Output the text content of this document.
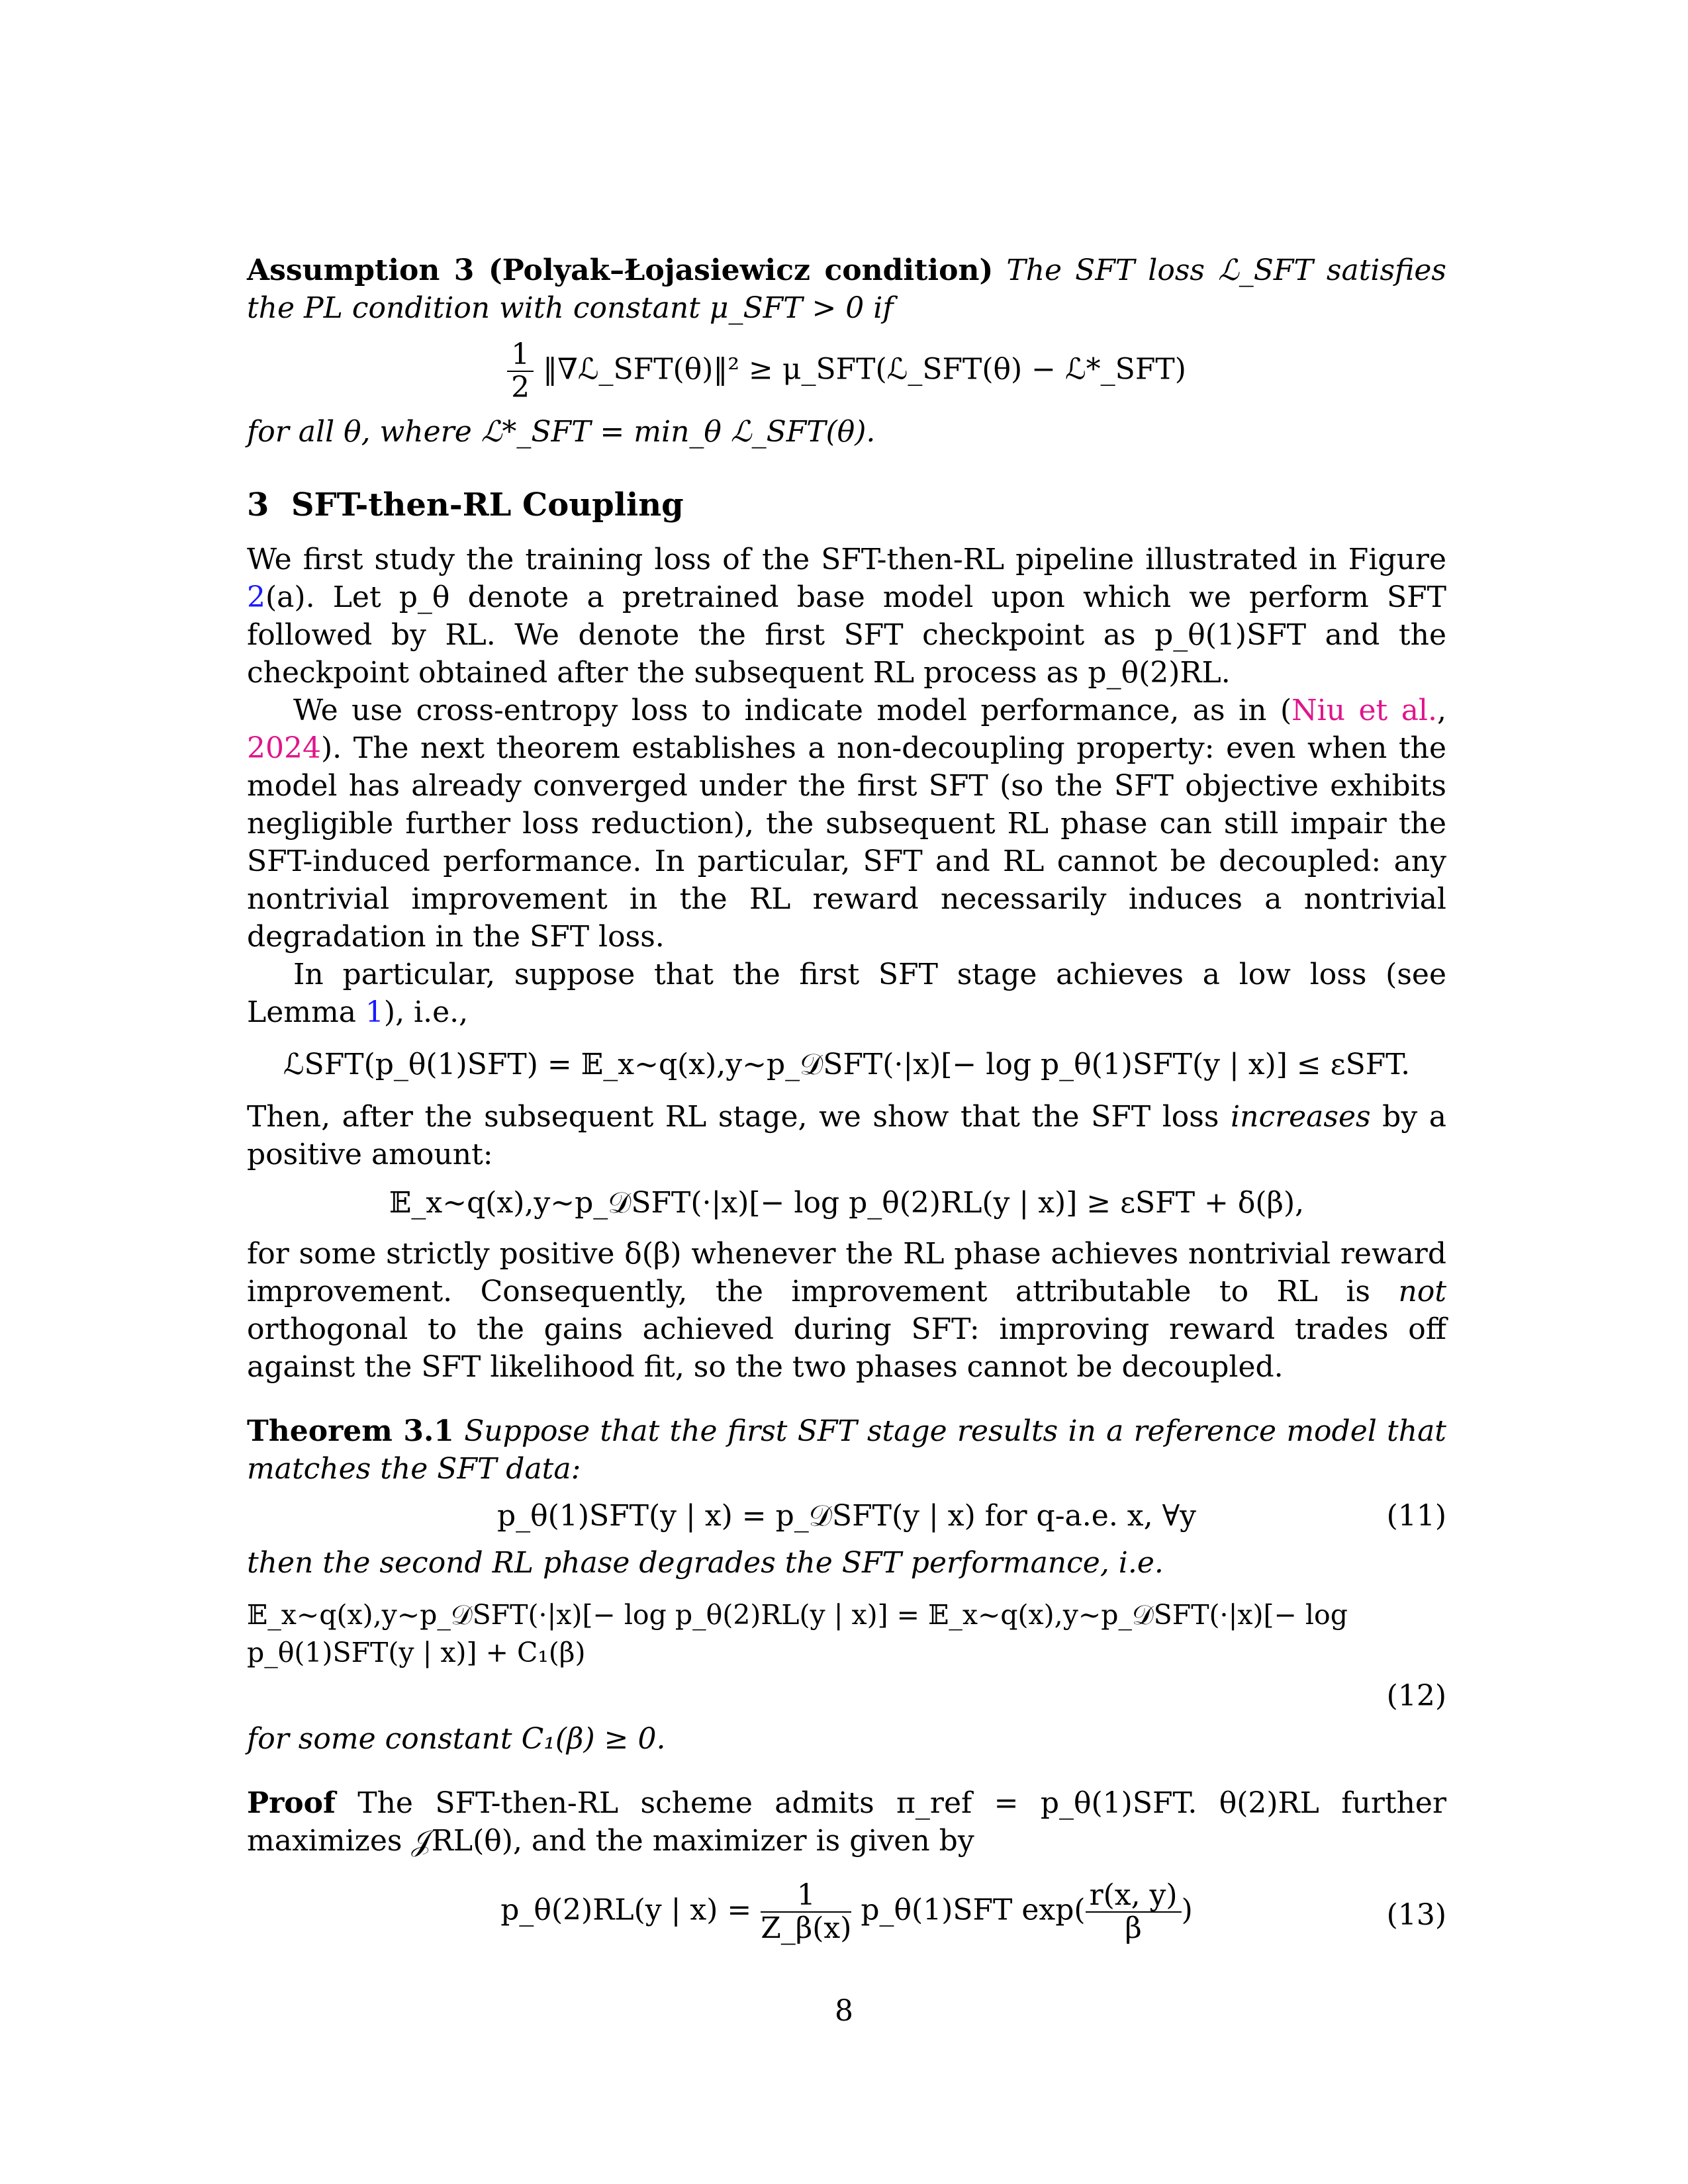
Assumption 3 (Polyak–Łojasiewicz condition) The SFT loss ℒ_SFT satisfies the PL condition with constant μ_SFT > 0 if

$\frac{1}{2}$ ‖∇ℒ_SFT(θ)‖² ≥ μ_SFT(ℒ_SFT(θ) − ℒ*_SFT)

for all θ, where ℒ*_SFT = min_θ ℒ_SFT(θ).

3 SFT-then-RL Coupling

We first study the training loss of the SFT-then-RL pipeline illustrated in Figure 2(a). Let p_θ denote a pretrained base model upon which we perform SFT followed by RL. We denote the first SFT checkpoint as p_θ(1)SFT and the checkpoint obtained after the subsequent RL process as p_θ(2)RL.

We use cross-entropy loss to indicate model performance, as in (Niu et al., 2024). The next theorem establishes a non-decoupling property: even when the model has already converged under the first SFT (so the SFT objective exhibits negligible further loss reduction), the subsequent RL phase can still impair the SFT-induced performance. In particular, SFT and RL cannot be decoupled: any nontrivial improvement in the RL reward necessarily induces a nontrivial degradation in the SFT loss.

In particular, suppose that the first SFT stage achieves a low loss (see Lemma 1), i.e.,

ℒSFT(p_θ(1)SFT) = 𝔼_x∼q(x),y∼p_𝒟SFT(·|x)[− log p_θ(1)SFT(y | x)] ≤ εSFT.

Then, after the subsequent RL stage, we show that the SFT loss increases by a positive amount:

𝔼_x∼q(x),y∼p_𝒟SFT(·|x)[− log p_θ(2)RL(y | x)] ≥ εSFT + δ(β),

for some strictly positive δ(β) whenever the RL phase achieves nontrivial reward improvement. Consequently, the improvement attributable to RL is not orthogonal to the gains achieved during SFT: improving reward trades off against the SFT likelihood fit, so the two phases cannot be decoupled.

Theorem 3.1 Suppose that the first SFT stage results in a reference model that matches the SFT data:

p_θ(1)SFT(y | x) = p_𝒟SFT(y | x) for q-a.e. x, ∀y	(11)

then the second RL phase degrades the SFT performance, i.e.

𝔼_x∼q(x),y∼p_𝒟SFT(·|x)[− log p_θ(2)RL(y | x)] = 𝔼_x∼q(x),y∼p_𝒟SFT(·|x)[− log p_θ(1)SFT(y | x)] + C₁(β)
(12)

for some constant C₁(β) ≥ 0.

Proof The SFT-then-RL scheme admits π_ref = p_θ(1)SFT. θ(2)RL further maximizes 𝒥RL(θ), and the maximizer is given by

p_θ(2)RL(y | $x) = \frac{1}{Z\_\beta(x)}$ p_θ(1)SFT $\exp( \frac{r(x, y)}{\beta}$ )	(13)
8
